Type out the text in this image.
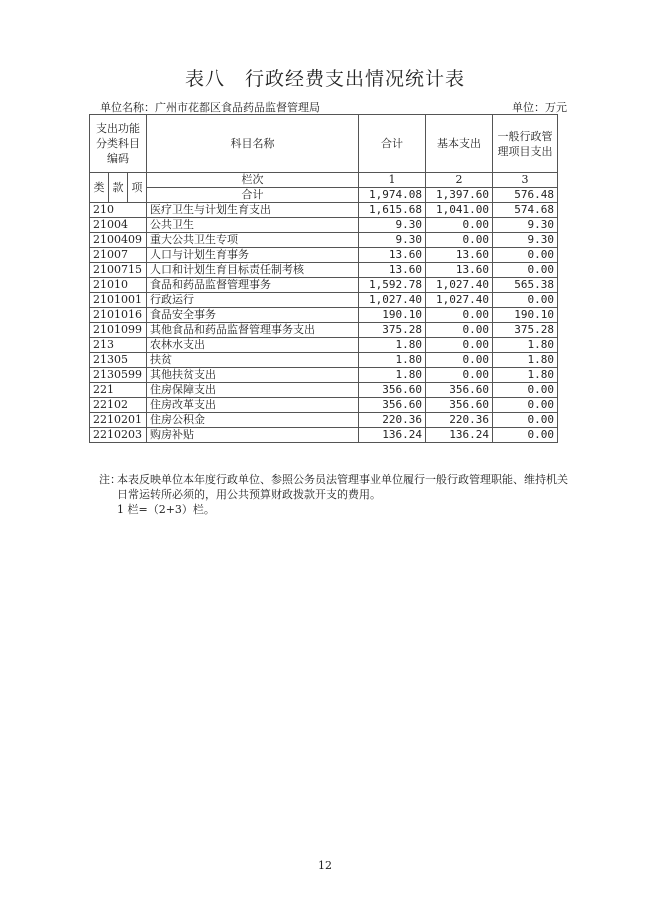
表八　行政经费支出情况统计表
单位名称：广州市花都区食品药品监督管理局	单位：万元
支出功能分类科目编码			科目名称	合计	基本支出	一般行政管理项目支出
类	款	项	栏次	1	2	3
			合计	1,974.08	1,397.60	576.48
210			医疗卫生与计划生育支出	1,615.68	1,041.00	574.68
21004			公共卫生	9.30	0.00	9.30
2100409			重大公共卫生专项	9.30	0.00	9.30
21007			人口与计划生育事务	13.60	13.60	0.00
2100715			人口和计划生育目标责任制考核	13.60	13.60	0.00
21010			食品和药品监督管理事务	1,592.78	1,027.40	565.38
2101001			行政运行	1,027.40	1,027.40	0.00
2101016			食品安全事务	190.10	0.00	190.10
2101099			其他食品和药品监督管理事务支出	375.28	0.00	375.28
213			农林水支出	1.80	0.00	1.80
21305			扶贫	1.80	0.00	1.80
2130599			其他扶贫支出	1.80	0.00	1.80
221			住房保障支出	356.60	356.60	0.00
22102			住房改革支出	356.60	356.60	0.00
2210201			住房公积金	220.36	220.36	0.00
2210203			购房补贴	136.24	136.24	0.00
注：
本表反映单位本年度行政单位、参照公务员法管理事业单位履行一般行政管理职能、维持机关日常运转所必须的，用公共预算财政拨款开支的费用。
1 栏=（2+3）栏。
12
